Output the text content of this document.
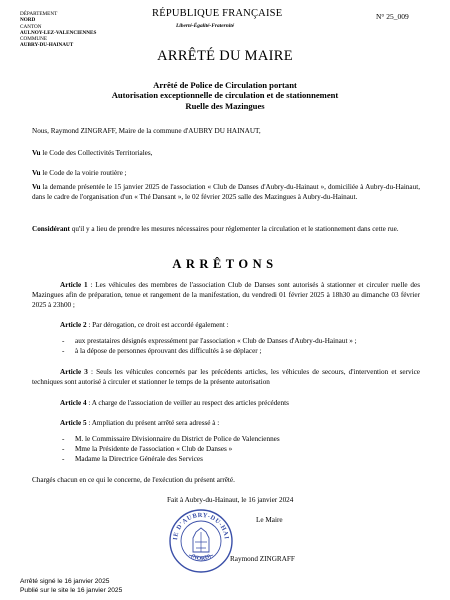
DÉPARTEMENT
NORD
CANTON
AULNOY-LEZ-VALENCIENNES
COMMUNE
AUBRY-DU-HAINAUT
RÉPUBLIQUE FRANÇAISE
Liberté-Égalité-Fraternité
N° 25_009
ARRÊTÉ DU MAIRE
Arrêté de Police de Circulation portant
Autorisation exceptionnelle de circulation et de stationnement
Ruelle des Mazingues
Nous, Raymond ZINGRAFF, Maire de la commune d'AUBRY DU HAINAUT,
Vu le Code des Collectivités Territoriales,
Vu le Code de la voirie routière ;
Vu la demande présentée le 15 janvier 2025 de l'association « Club de Danses d'Aubry-du-Hainaut », domiciliée à Aubry-du-Hainaut, dans le cadre de l'organisation d'un « Thé Dansant », le 02 février 2025 salle des Mazingues à Aubry-du-Hainaut.
Considérant qu'il y a lieu de prendre les mesures nécessaires pour réglementer la circulation et le stationnement dans cette rue.
ARRÊTONS
Article 1 : Les véhicules des membres de l'association Club de Danses sont autorisés à stationner et circuler ruelle des Mazingues afin de préparation, tenue et rangement de la manifestation, du vendredi 01 février 2025 à 18h30 au dimanche 03 février 2025 à 23h00 ;
Article 2 : Par dérogation, ce droit est accordé également :
- aux prestataires désignés expressément par l'association « Club de Danses d'Aubry-du-Hainaut » ;
- à la dépose de personnes éprouvant des difficultés à se déplacer ;
Article 3 : Seuls les véhicules concernés par les précédents articles, les véhicules de secours, d'intervention et service techniques sont autorisé à circuler et stationner le temps de la présente autorisation
Article 4 : A charge de l'association de veiller au respect des articles précédents
Article 5 : Ampliation du présent arrêté sera adressé à :
- M. le Commissaire Divisionnaire du District de Police de Valenciennes
- Mme la Présidente de l'association « Club de Danses »
- Madame la Directrice Générale des Services
Chargés chacun en ce qui le concerne, de l'exécution du présent arrêté.
Fait à Aubry-du-Hainaut, le 16 janvier 2024
Le Maire
Raymond ZINGRAFF
IE D'AUBRY-DU-HAI
(NORD)
Arrêté signé le 16 janvier 2025
Publié sur le site le 16 janvier 2025
